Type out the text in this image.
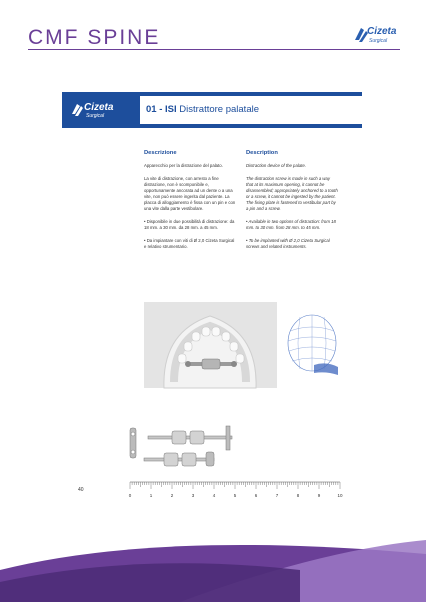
CMF SPINE	Cizeta
Surgical
Cizeta
Surgical
01 - ISI Distrattore palatale
Descrizione

Apparecchio per la distrazione del palato.

La vite di distrazione, con arresto a fine distrazione, non è scomponibile e, opportunamente ancorata ad un dente o a una vite, non può essere ingerita dal paziente. La placca di alloggiamento è fissa con un pin e con una vite dalla parte vestibolare.

• Disponibile in due possibilità di distrazione: da 18 mm. a 30 mm. da 28 mm. a 45 mm.

• Da impiantare con viti di Ø 2,0 Cizeta Surgical e relativo strumentario.

Description

Distraction device of the palate.

The distraction screw is made in such a way that at its maximum opening, it cannot be disassembled; appropriately anchored to a tooth or a screw, it cannot be ingested by the patient. The fixing plate is fastened to vestibular part by a pin and a screw.

• Available in two options of distraction: from 18 mm. to 30 mm. from 28 mm. to 45 mm.

• To be implanted with Ø 2,0 Cizeta Surgical screws and related instruments.

0	1	2	3	4	5	6	7	8	9	10
40
